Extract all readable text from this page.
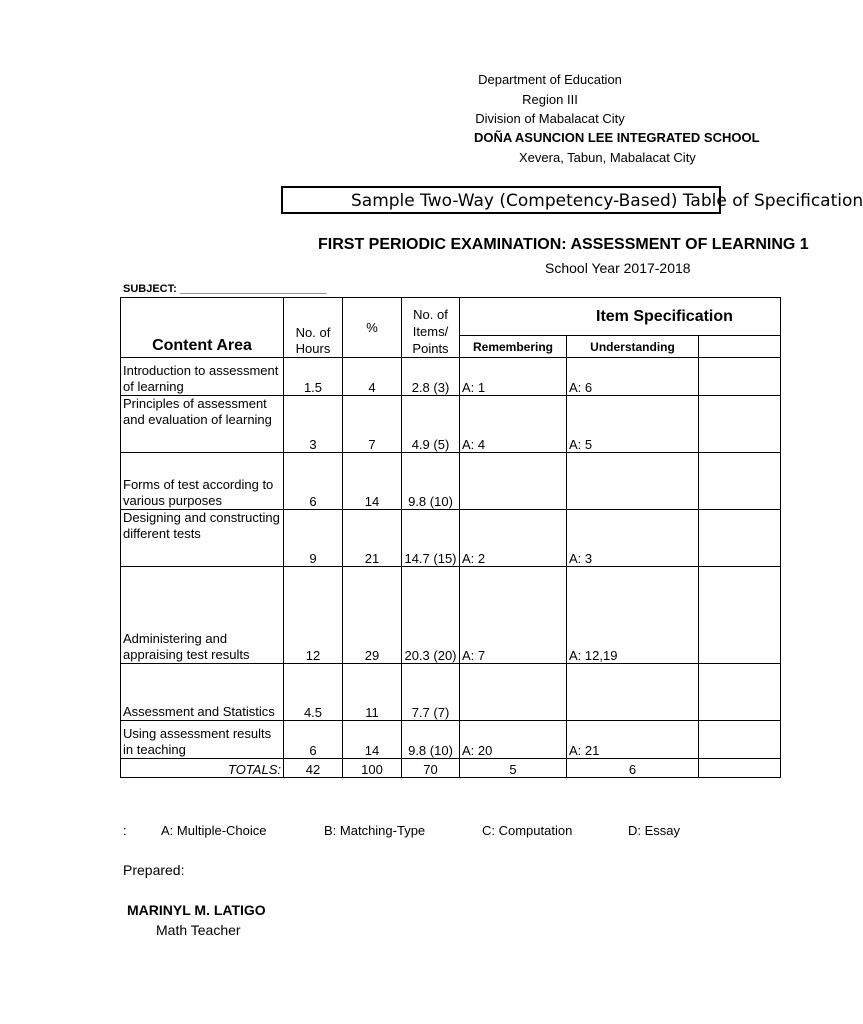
Department of Education
Region III
Division of Mabalacat City
DOÑA ASUNCION LEE INTEGRATED SCHOOL
Xevera, Tabun, Mabalacat City
Sample Two-Way (Competency-Based) Table of Specification
FIRST PERIODIC EXAMINATION: ASSESSMENT OF LEARNING 1
School Year 2017-2018
SUBJECT: ________________________
Content Area	No. of Hours	%	No. of Items/ Points	Item Specification		
				Remembering	Understanding	
Introduction to assessment of learning	1.5	4	2.8 (3)	A: 1	A: 6	
Principles of assessment and evaluation of learning	3	7	4.9 (5)	A: 4	A: 5	
Forms of test according to various purposes	6	14	9.8 (10)			
Designing and constructing different tests	9	21	14.7 (15)	A: 2	A: 3	
Administering and appraising test results	12	29	20.3 (20)	A: 7	A: 12,19	
Assessment and Statistics	4.5	11	7.7 (7)			
Using assessment results in teaching	6	14	9.8 (10)	A: 20	A: 21	
TOTALS:	42	100	70	5	6	
:	A: Multiple-Choice	B: Matching-Type	C: Computation	D: Essay
Prepared:
MARINYL M. LATIGO
Math Teacher
